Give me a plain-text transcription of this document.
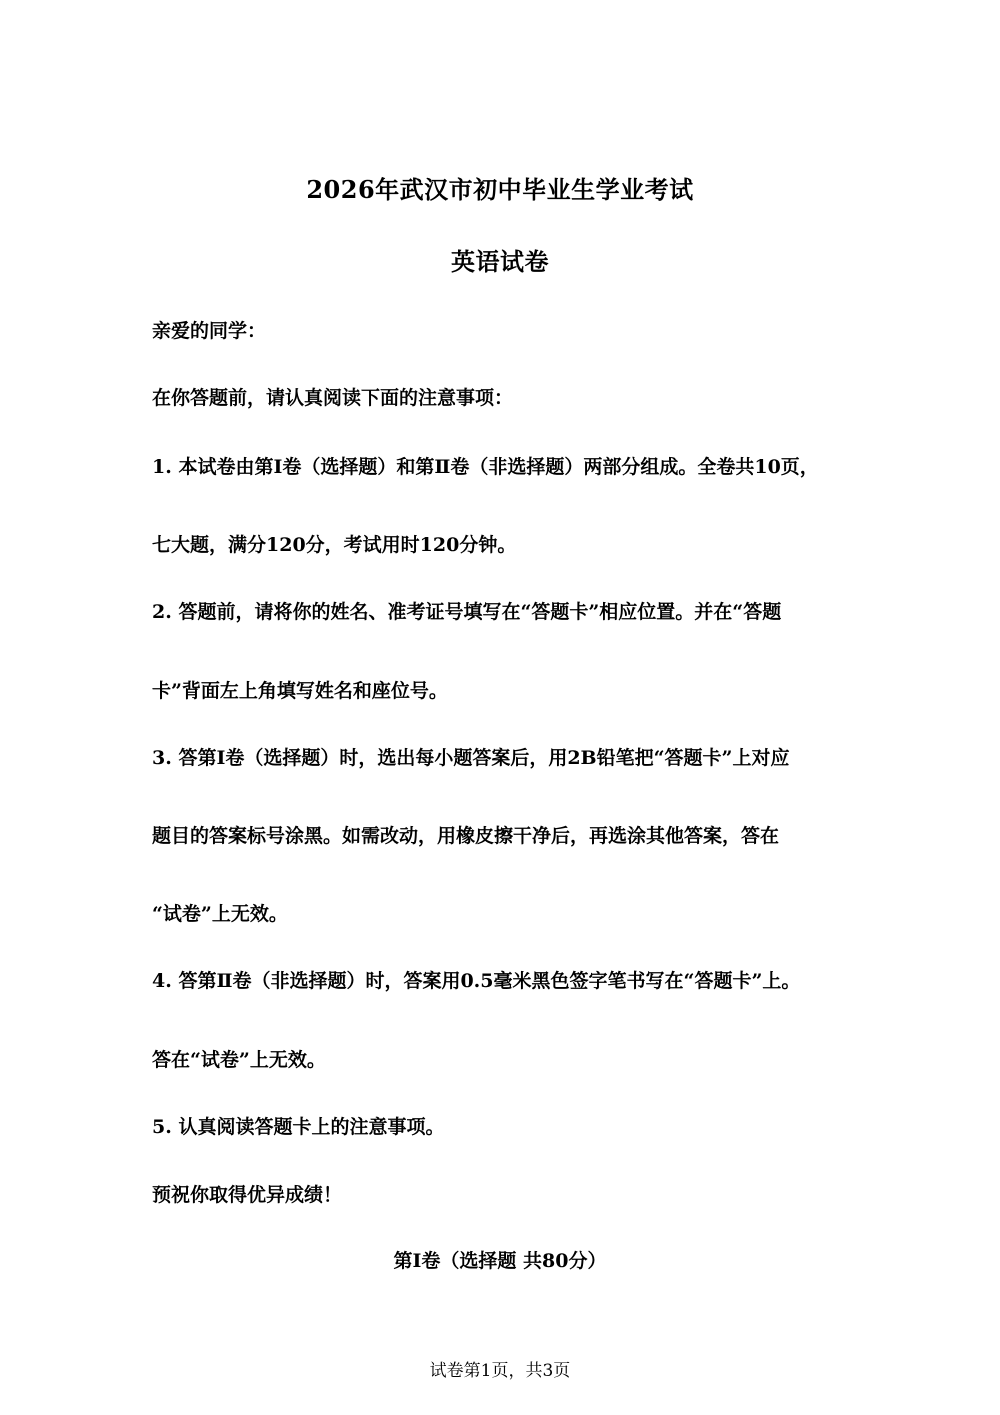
2026年武汉市初中毕业生学业考试
英语试卷
亲爱的同学：
在你答题前，请认真阅读下面的注意事项：
1. 本试卷由第Ⅰ卷（选择题）和第Ⅱ卷（非选择题）两部分组成。全卷共10页，
七大题，满分120分，考试用时120分钟。
2. 答题前，请将你的姓名、准考证号填写在“答题卡”相应位置。并在“答题
卡”背面左上角填写姓名和座位号。
3. 答第Ⅰ卷（选择题）时，选出每小题答案后，用2B铅笔把“答题卡”上对应
题目的答案标号涂黑。如需改动，用橡皮擦干净后，再选涂其他答案，答在
“试卷”上无效。
4. 答第Ⅱ卷（非选择题）时，答案用0.5毫米黑色签字笔书写在“答题卡”上。
答在“试卷”上无效。
5. 认真阅读答题卡上的注意事项。
预祝你取得优异成绩！
第Ⅰ卷（选择题 共80分）
试卷第1页，共3页
